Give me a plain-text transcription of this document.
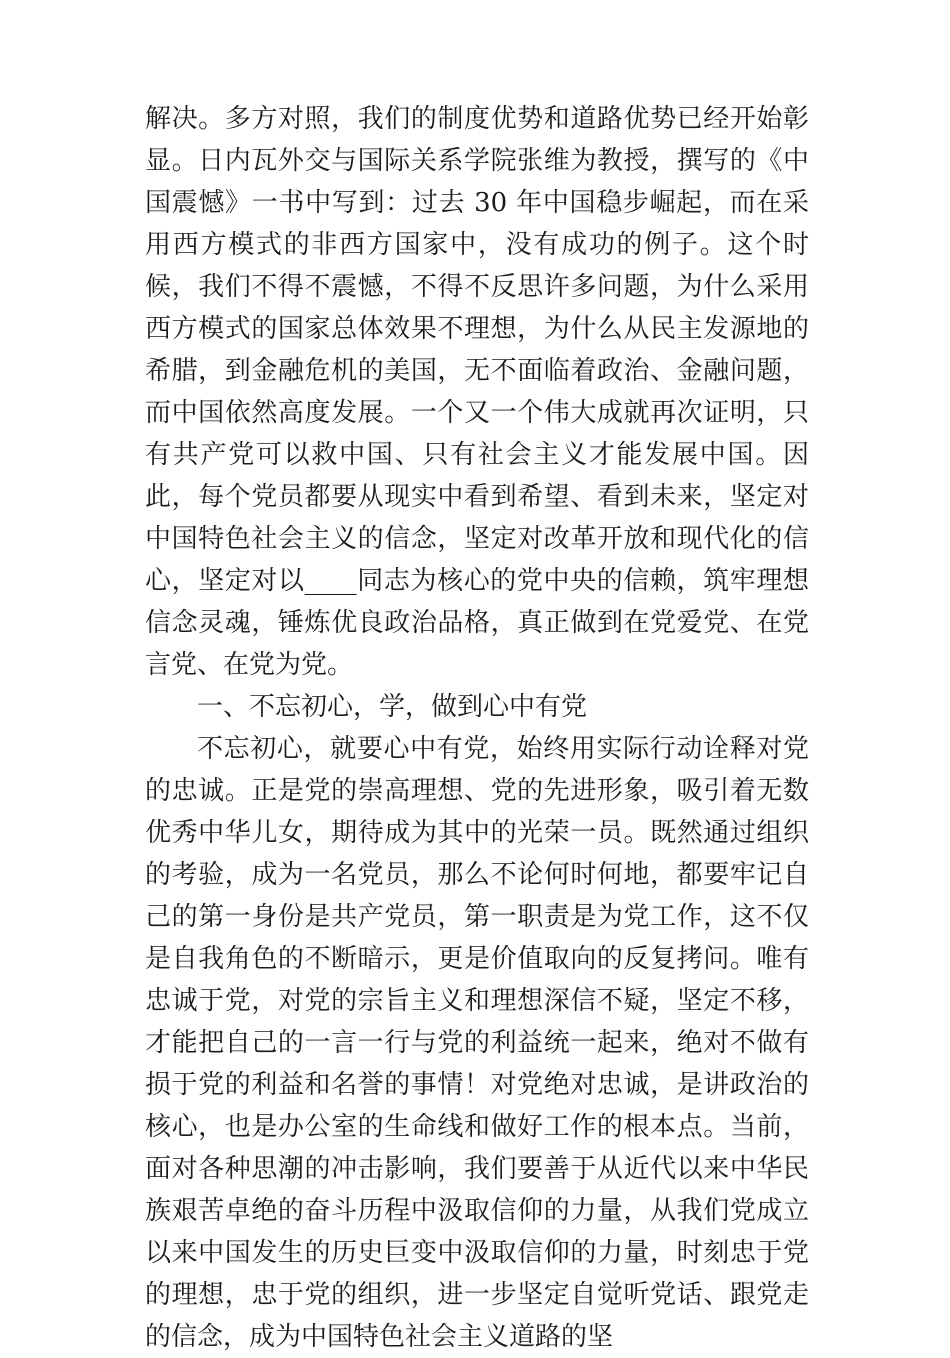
解决。多方对照，我们的制度优势和道路优势已经开始彰显。日内瓦外交与国际关系学院张维为教授，撰写的《中国震憾》一书中写到：过去 30 年中国稳步崛起，而在采用西方模式的非西方国家中，没有成功的例子。这个时候，我们不得不震憾，不得不反思许多问题，为什么采用西方模式的国家总体效果不理想，为什么从民主发源地的希腊，到金融危机的美国，无不面临着政治、金融问题，而中国依然高度发展。一个又一个伟大成就再次证明，只有共产党可以救中国、只有社会主义才能发展中国。因此，每个党员都要从现实中看到希望、看到未来，坚定对中国特色社会主义的信念，坚定对改革开放和现代化的信心，坚定对以____同志为核心的党中央的信赖，筑牢理想信念灵魂，锤炼优良政治品格，真正做到在党爱党、在党言党、在党为党。

一、不忘初心，学，做到心中有党

不忘初心，就要心中有党，始终用实际行动诠释对党的忠诚。正是党的崇高理想、党的先进形象，吸引着无数优秀中华儿女，期待成为其中的光荣一员。既然通过组织的考验，成为一名党员，那么不论何时何地，都要牢记自己的第一身份是共产党员，第一职责是为党工作，这不仅是自我角色的不断暗示，更是价值取向的反复拷问。唯有忠诚于党，对党的宗旨主义和理想深信不疑，坚定不移，才能把自己的一言一行与党的利益统一起来，绝对不做有损于党的利益和名誉的事情！对党绝对忠诚，是讲政治的核心，也是办公室的生命线和做好工作的根本点。当前，面对各种思潮的冲击影响，我们要善于从近代以来中华民族艰苦卓绝的奋斗历程中汲取信仰的力量，从我们党成立以来中国发生的历史巨变中汲取信仰的力量，时刻忠于党的理想，忠于党的组织，进一步坚定自觉听党话、跟党走的信念，成为中国特色社会主义道路的坚
